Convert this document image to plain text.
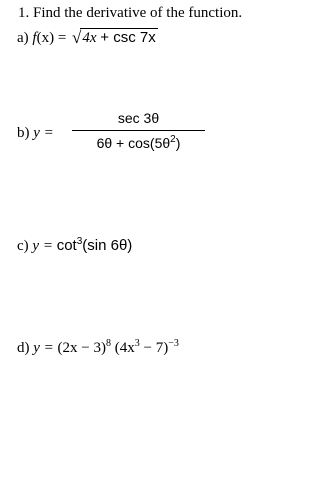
1. Find the derivative of the function.
a) f(x) = √4x + csc 7x
b) y =
sec 3θ
$6\theta + \cos(5\theta^2)$
c) $y = \cot^3(\sin$ 6θ)
d) $y = (2x - 3)^8$ $(4x^3 - 7)^{-3}$
